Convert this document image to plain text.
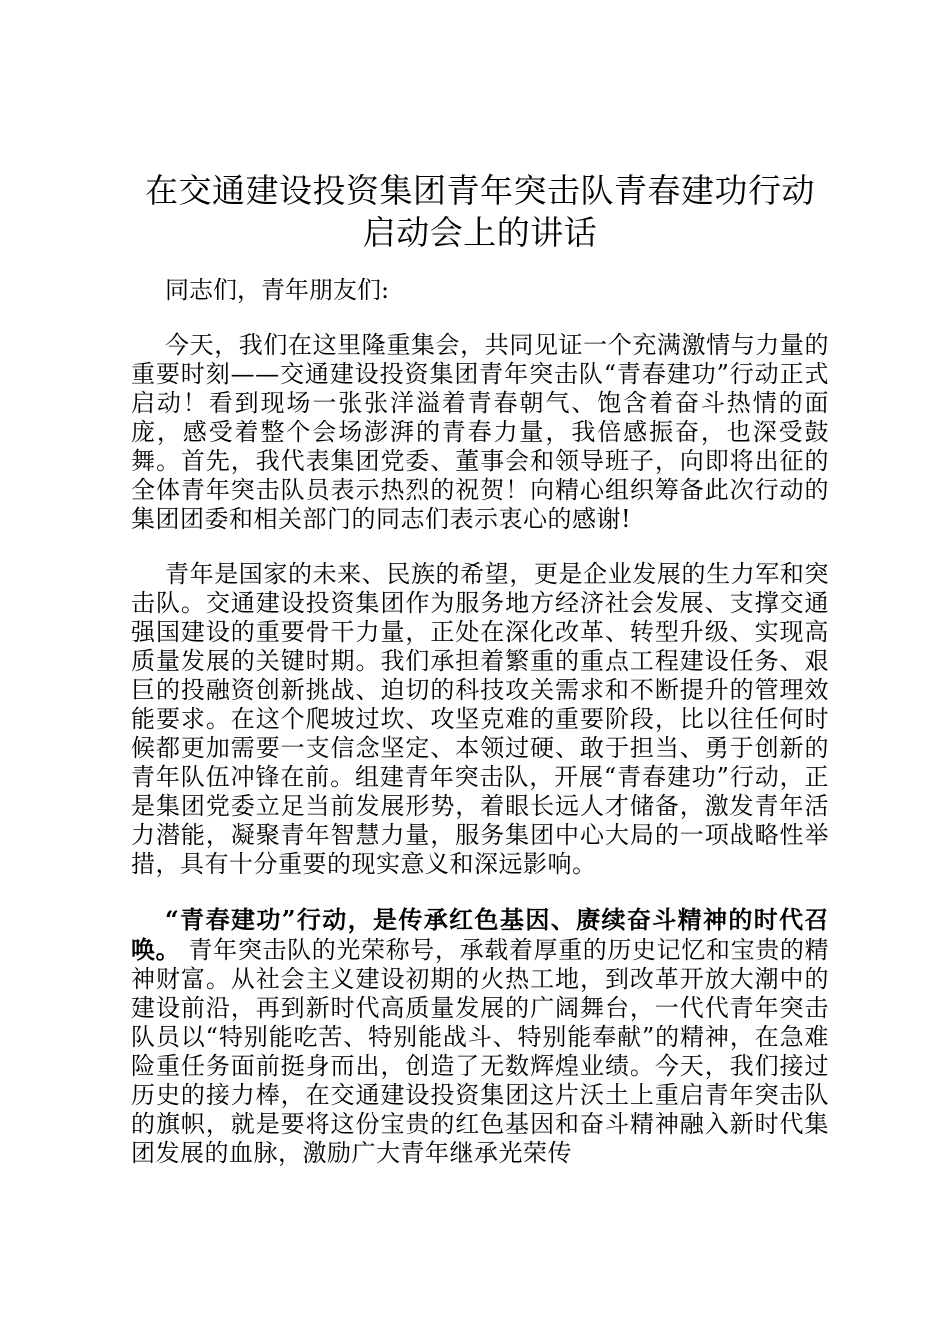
在交通建设投资集团青年突击队青春建功行动
启动会上的讲话

同志们，青年朋友们:

今天，我们在这里隆重集会，共同见证一个充满激情与力量的重要时刻——交通建设投资集团青年突击队“青春建功”行动正式启动！看到现场一张张洋溢着青春朝气、饱含着奋斗热情的面庞，感受着整个会场澎湃的青春力量，我倍感振奋，也深受鼓舞。首先，我代表集团党委、董事会和领导班子，向即将出征的全体青年突击队员表示热烈的祝贺！向精心组织筹备此次行动的集团团委和相关部门的同志们表示衷心的感谢!

青年是国家的未来、民族的希望，更是企业发展的生力军和突击队。交通建设投资集团作为服务地方经济社会发展、支撑交通强国建设的重要骨干力量，正处在深化改革、转型升级、实现高质量发展的关键时期。我们承担着繁重的重点工程建设任务、艰巨的投融资创新挑战、迫切的科技攻关需求和不断提升的管理效能要求。在这个爬坡过坎、攻坚克难的重要阶段，比以往任何时候都更加需要一支信念坚定、本领过硬、敢于担当、勇于创新的青年队伍冲锋在前。组建青年突击队，开展“青春建功”行动，正是集团党委立足当前发展形势，着眼长远人才储备，激发青年活力潜能，凝聚青年智慧力量，服务集团中心大局的一项战略性举措，具有十分重要的现实意义和深远影响。

“青春建功”行动，是传承红色基因、赓续奋斗精神的时代召唤。 青年突击队的光荣称号，承载着厚重的历史记忆和宝贵的精神财富。从社会主义建设初期的火热工地，到改革开放大潮中的建设前沿，再到新时代高质量发展的广阔舞台，一代代青年突击队员以“特别能吃苦、特别能战斗、特别能奉献”的精神，在急难险重任务面前挺身而出，创造了无数辉煌业绩。今天，我们接过历史的接力棒，在交通建设投资集团这片沃土上重启青年突击队的旗帜，就是要将这份宝贵的红色基因和奋斗精神融入新时代集团发展的血脉，激励广大青年继承光荣传
